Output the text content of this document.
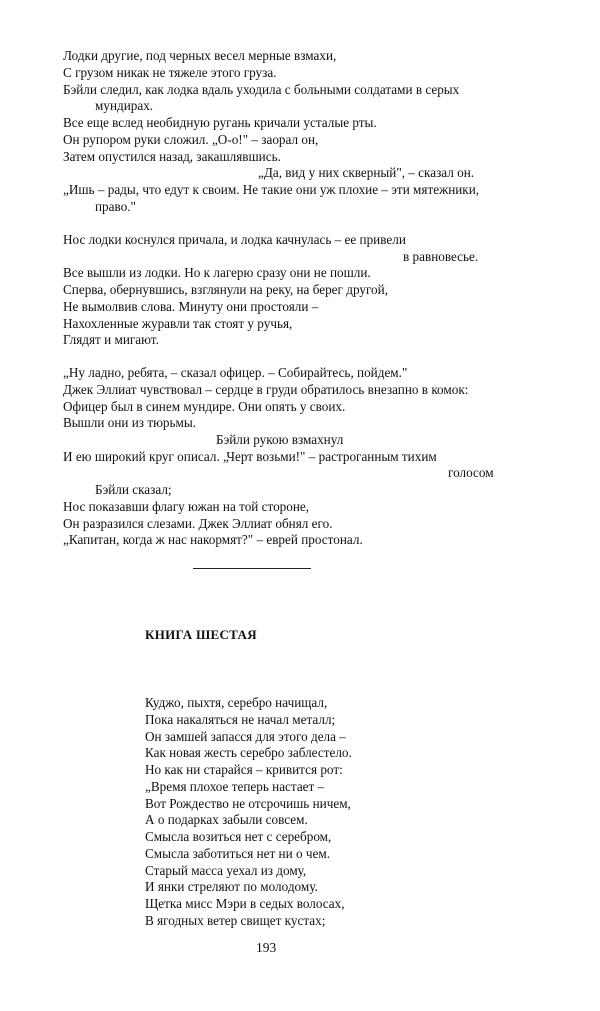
Лодки другие, под черных весел мерные взмахи,
С грузом никак не тяжеле этого груза.
Бэйли следил, как лодка вдаль уходила с больными солдатами в серых
мундирах.
Все еще вслед необидную ругань кричали усталые рты.
Он рупором руки сложил. „О-о!" – заорал он,
Затем опустился назад, закашлявшись.
„Да, вид у них скверный", – сказал он.
„Ишь – рады, что едут к своим. Не такие они уж плохие – эти мятежники,
право."
Нос лодки коснулся причала, и лодка качнулась – ее привели
в равновесье.
Все вышли из лодки. Но к лагерю сразу они не пошли.
Сперва, обернувшись, взглянули на реку, на берег другой,
Не вымолвив слова. Минуту они простояли –
Нахохленные журавли так стоят у ручья,
Глядят и мигают.
„Ну ладно, ребята, – сказал офицер. – Собирайтесь, пойдем."
Джек Эллиат чувствовал – сердце в груди обратилось внезапно в комок:
Офицер был в синем мундире. Они опять у своих.
Вышли они из тюрьмы.
Бэйли рукою взмахнул
И ею широкий круг описал. „Черт возьми!" – растроганным тихим
голосом
Бэйли сказал;
Нос показавши флагу южан на той стороне,
Он разразился слезами. Джек Эллиат обнял его.
„Капитан, когда ж нас накормят?" – еврей простонал.
КНИГА ШЕСТАЯ
Куджо, пыхтя, серебро начищал,
Пока накаляться не начал металл;
Он замшей запасся для этого дела –
Как новая жесть серебро заблестело.
Но как ни старайся – кривится рот:
„Время плохое теперь настает –
Вот Рождество не отсрочишь ничем,
А о подарках забыли совсем.
Смысла возиться нет с серебром,
Смысла заботиться нет ни о чем.
Старый масса уехал из дому,
И янки стреляют по молодому.
Щетка мисс Мэри в седых волосах,
В ягодных ветер свищет кустах;
193
